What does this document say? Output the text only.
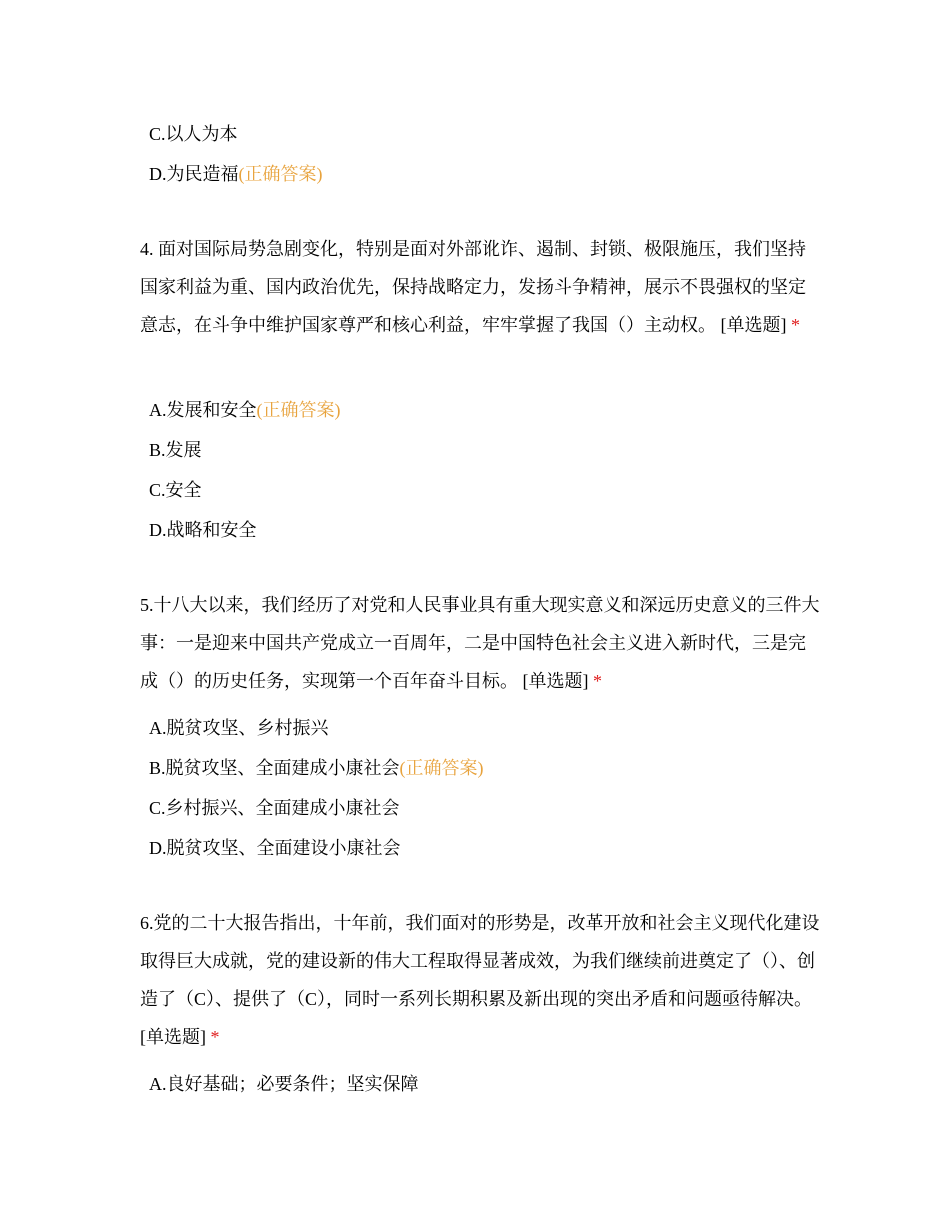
C.以人为本
D.为民造福(正确答案)
4. 面对国际局势急剧变化，特别是面对外部讹诈、遏制、封锁、极限施压，我们坚持国家利益为重、国内政治优先，保持战略定力，发扬斗争精神，展示不畏强权的坚定意志，在斗争中维护国家尊严和核心利益，牢牢掌握了我国（）主动权。 [单选题] *
A.发展和安全(正确答案)
B.发展
C.安全
D.战略和安全
5.十八大以来，我们经历了对党和人民事业具有重大现实意义和深远历史意义的三件大事：一是迎来中国共产党成立一百周年，二是中国特色社会主义进入新时代，三是完成（）的历史任务，实现第一个百年奋斗目标。 [单选题] *
A.脱贫攻坚、乡村振兴
B.脱贫攻坚、全面建成小康社会(正确答案)
C.乡村振兴、全面建成小康社会
D.脱贫攻坚、全面建设小康社会
6.党的二十大报告指出，十年前，我们面对的形势是，改革开放和社会主义现代化建设取得巨大成就，党的建设新的伟大工程取得显著成效，为我们继续前进奠定了（）、创造了（C）、提供了（C），同时一系列长期积累及新出现的突出矛盾和问题亟待解决。 [单选题] *
A.良好基础；必要条件；坚实保障
